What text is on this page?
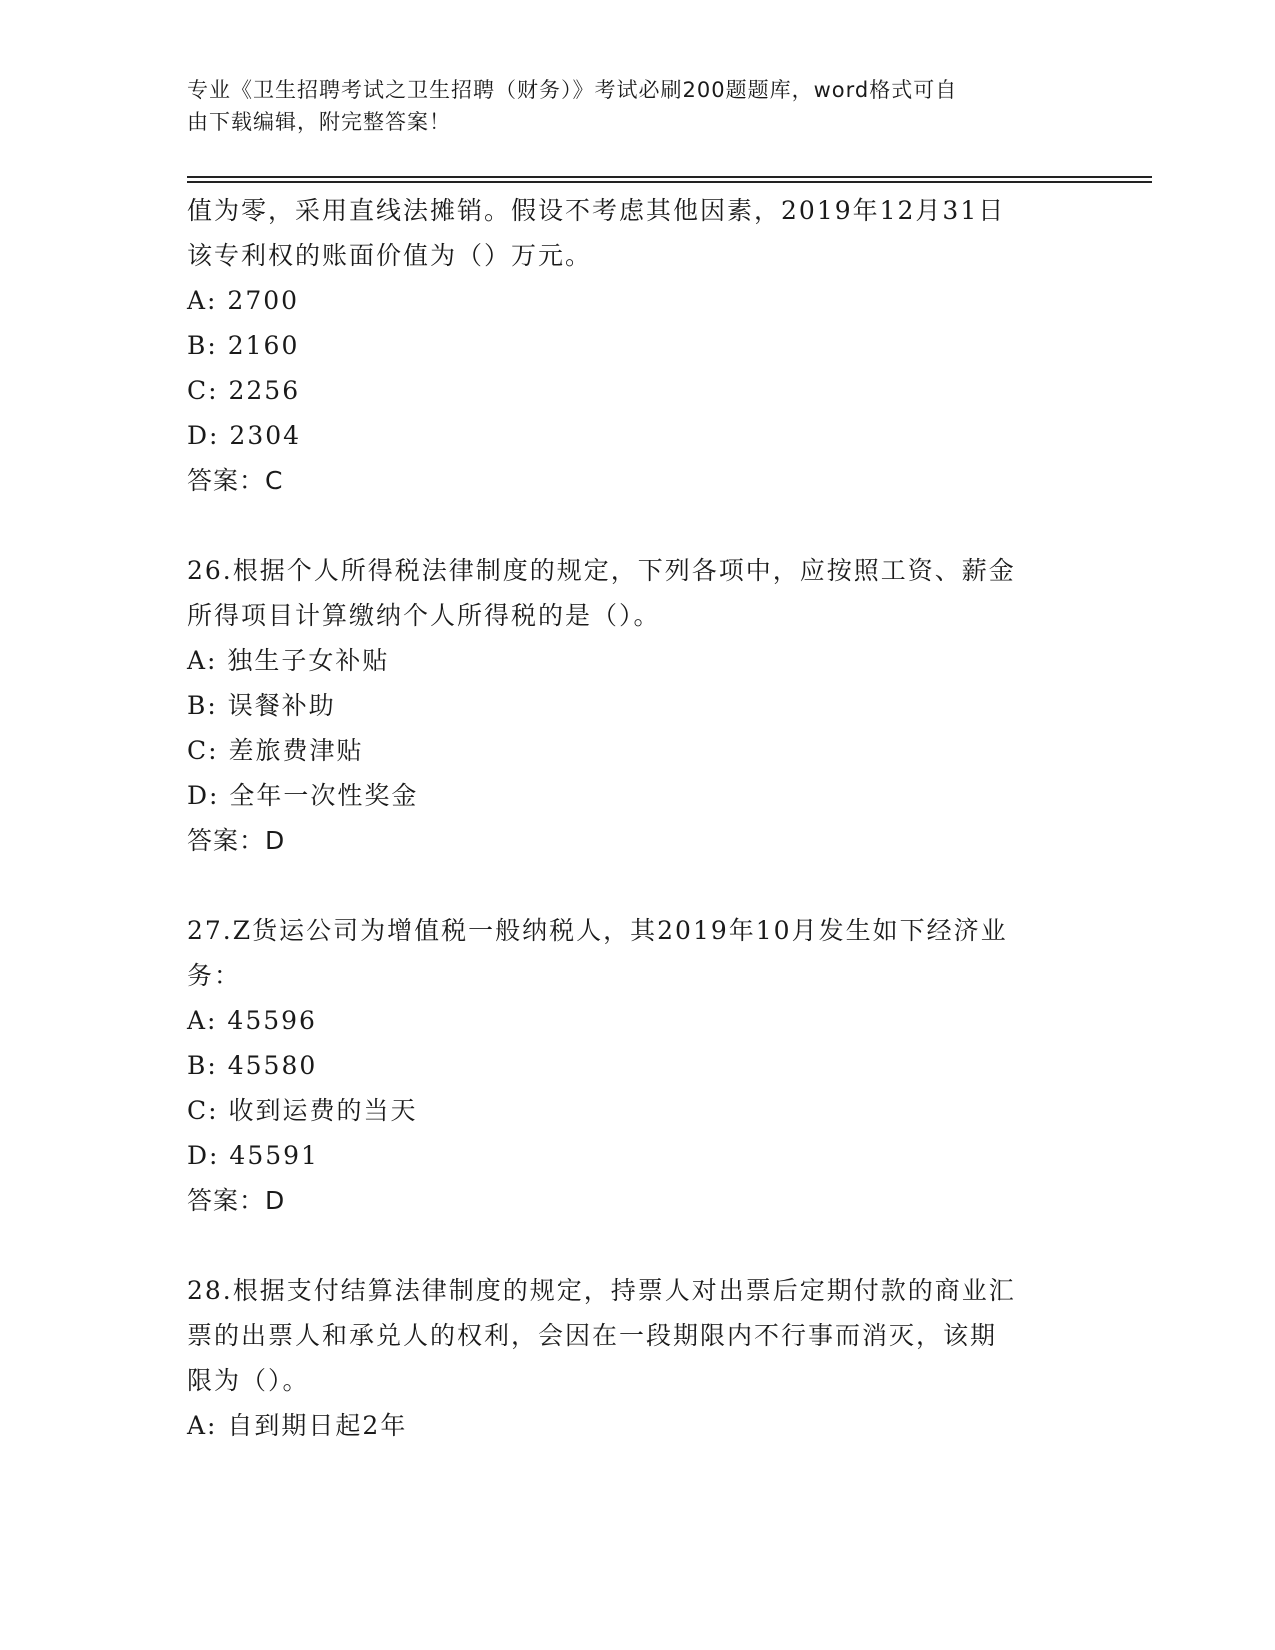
专业《卫生招聘考试之卫生招聘（财务）》考试必刷200题题库，word格式可自
由下载编辑，附完整答案！
值为零，采用直线法摊销。假设不考虑其他因素，2019年12月31日
该专利权的账面价值为（）万元。
A: 2700
B: 2160
C: 2256
D: 2304
答案：C
26.根据个人所得税法律制度的规定，下列各项中，应按照工资、薪金
所得项目计算缴纳个人所得税的是（）。
A: 独生子女补贴
B: 误餐补助
C: 差旅费津贴
D: 全年一次性奖金
答案：D
27.Z货运公司为增值税一般纳税人，其2019年10月发生如下经济业
务：
A: 45596
B: 45580
C: 收到运费的当天
D: 45591
答案：D
28.根据支付结算法律制度的规定，持票人对出票后定期付款的商业汇
票的出票人和承兑人的权利，会因在一段期限内不行事而消灭，该期
限为（）。
A: 自到期日起2年
